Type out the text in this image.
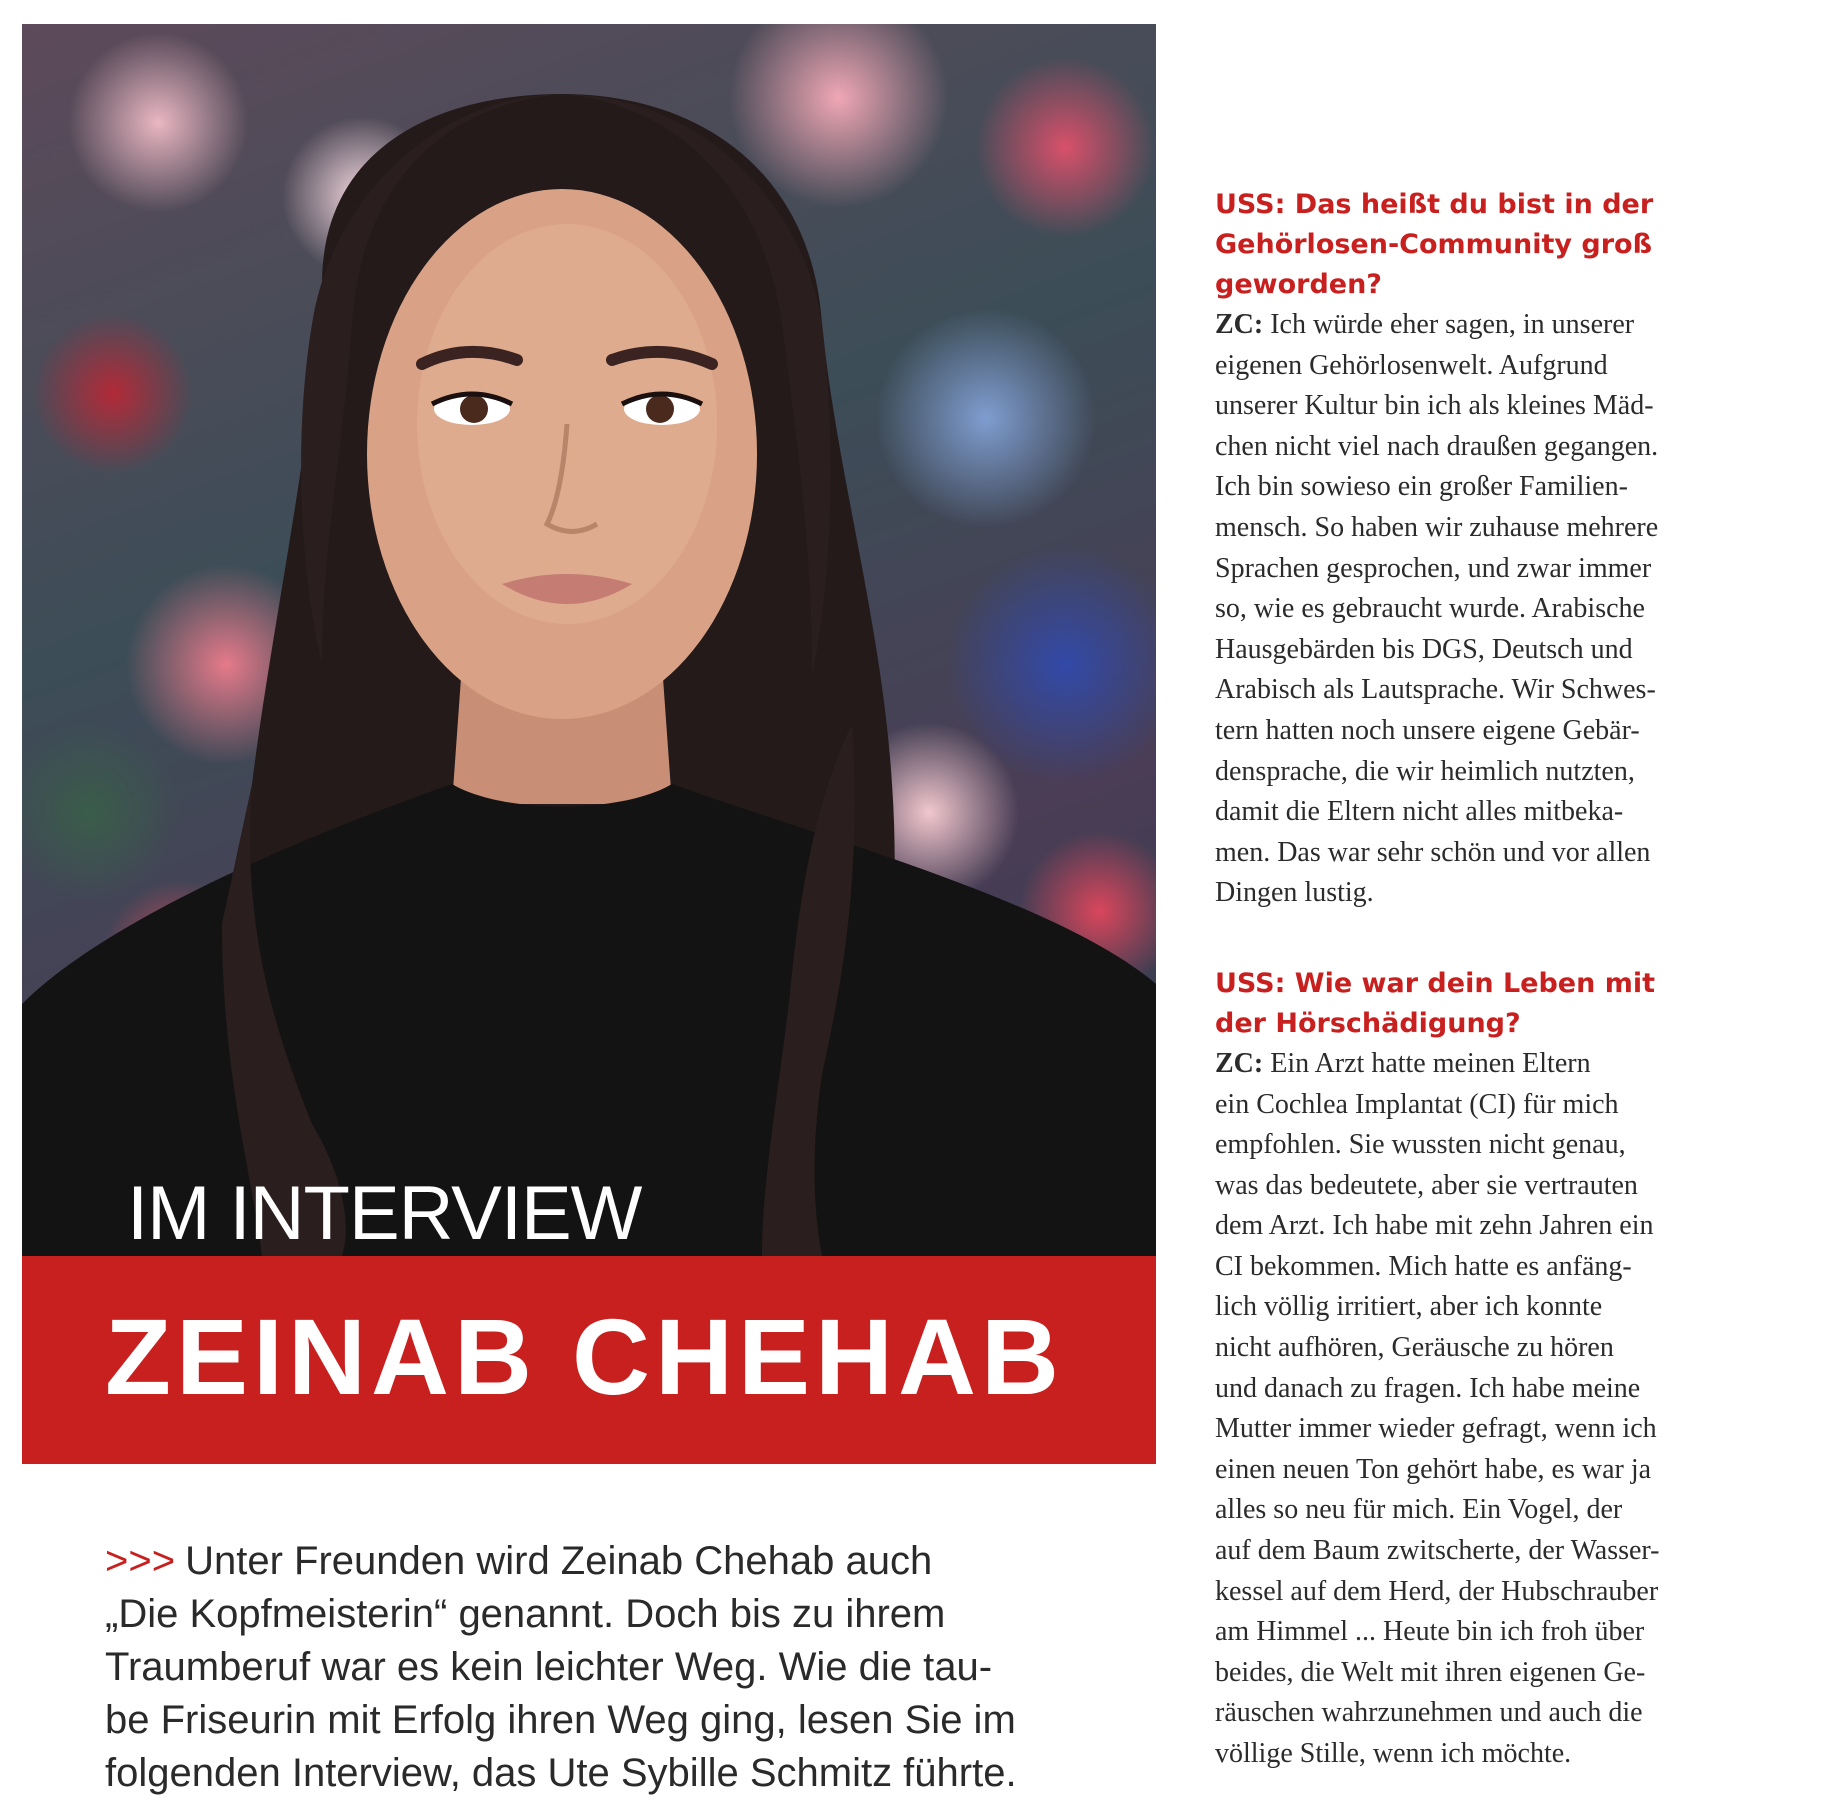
IM INTERVIEW
ZEINAB CHEHAB
>>> Unter Freunden wird Zeinab Chehab auch
„Die Kopfmeisterin“ genannt. Doch bis zu ihrem
Traumberuf war es kein leichter Weg. Wie die tau-
be Friseurin mit Erfolg ihren Weg ging, lesen Sie im
folgenden Interview, das Ute Sybille Schmitz führte.
USS: Das heißt du bist in der
Gehörlosen-Community groß
geworden?
ZC: Ich würde eher sagen, in unserer
eigenen Gehörlosenwelt. Aufgrund
unserer Kultur bin ich als kleines Mäd-
chen nicht viel nach draußen gegangen.
Ich bin sowieso ein großer Familien-
mensch. So haben wir zuhause mehrere
Sprachen gesprochen, und zwar immer
so, wie es gebraucht wurde. Arabische
Hausgebärden bis DGS, Deutsch und
Arabisch als Lautsprache. Wir Schwes-
tern hatten noch unsere eigene Gebär-
densprache, die wir heimlich nutzten,
damit die Eltern nicht alles mitbeka-
men. Das war sehr schön und vor allen
Dingen lustig.
USS: Wie war dein Leben mit
der Hörschädigung?
ZC: Ein Arzt hatte meinen Eltern
ein Cochlea Implantat (CI) für mich
empfohlen. Sie wussten nicht genau,
was das bedeutete, aber sie vertrauten
dem Arzt. Ich habe mit zehn Jahren ein
CI bekommen. Mich hatte es anfäng-
lich völlig irritiert, aber ich konnte
nicht aufhören, Geräusche zu hören
und danach zu fragen. Ich habe meine
Mutter immer wieder gefragt, wenn ich
einen neuen Ton gehört habe, es war ja
alles so neu für mich. Ein Vogel, der
auf dem Baum zwitscherte, der Wasser-
kessel auf dem Herd, der Hubschrauber
am Himmel ... Heute bin ich froh über
beides, die Welt mit ihren eigenen Ge-
räuschen wahrzunehmen und auch die
völlige Stille, wenn ich möchte.
